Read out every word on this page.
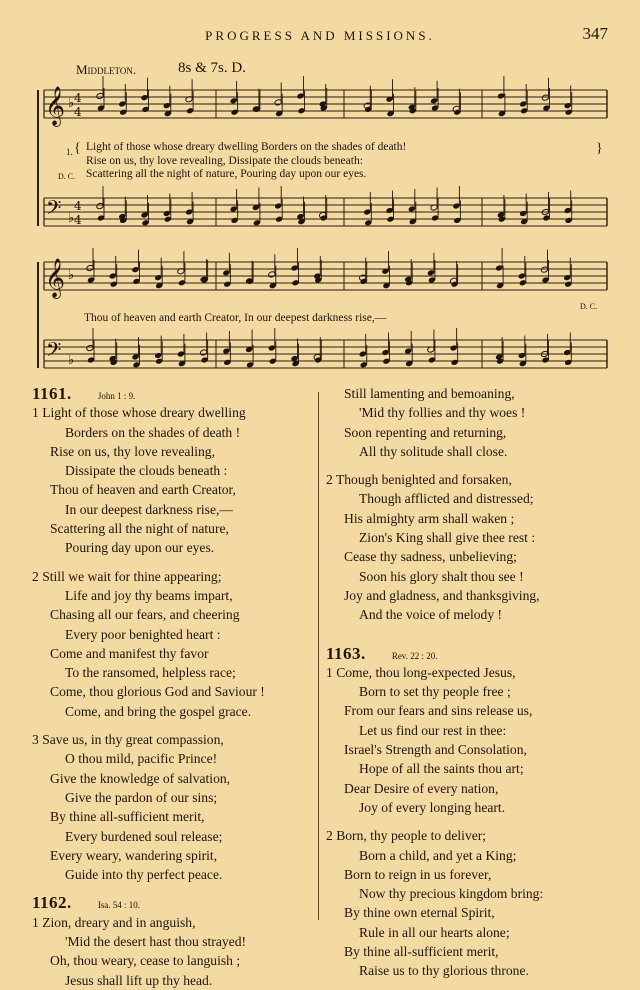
PROGRESS AND MISSIONS.	347
Middleton.	8s & 7s. D.
𝄞
𝄢
♭
♭
4
4
4
4
𝄞
𝄢
♭
♭
{
1. Light of those whose dreary dwelling Borders on the shades of death!
Rise on us, thy love revealing, Dissipate the clouds beneath:
}
D. C. Scattering all the night of nature, Pouring day upon our eyes.
Thou of heaven and earth Creator, In our deepest darkness rise,—
D. C.
1161.	John 1 : 9.
1 Light of those whose dreary dwelling
Borders on the shades of death !
Rise on us, thy love revealing,
Dissipate the clouds beneath :
Thou of heaven and earth Creator,
In our deepest darkness rise,—
Scattering all the night of nature,
Pouring day upon our eyes.
2 Still we wait for thine appearing;
Life and joy thy beams impart,
Chasing all our fears, and cheering
Every poor benighted heart :
Come and manifest thy favor
To the ransomed, helpless race;
Come, thou glorious God and Saviour !
Come, and bring the gospel grace.
3 Save us, in thy great compassion,
O thou mild, pacific Prince!
Give the knowledge of salvation,
Give the pardon of our sins;
By thine all-sufficient merit,
Every burdened soul release;
Every weary, wandering spirit,
Guide into thy perfect peace.
1162.	Isa. 54 : 10.
1 Zion, dreary and in anguish,
'Mid the desert hast thou strayed!
Oh, thou weary, cease to languish ;
Jesus shall lift up thy head.
Still lamenting and bemoaning,
'Mid thy follies and thy woes !
Soon repenting and returning,
All thy solitude shall close.
2 Though benighted and forsaken,
Though afflicted and distressed;
His almighty arm shall waken ;
Zion's King shall give thee rest :
Cease thy sadness, unbelieving;
Soon his glory shalt thou see !
Joy and gladness, and thanksgiving,
And the voice of melody !
1163.	Rev. 22 : 20.
1 Come, thou long-expected Jesus,
Born to set thy people free ;
From our fears and sins release us,
Let us find our rest in thee:
Israel's Strength and Consolation,
Hope of all the saints thou art;
Dear Desire of every nation,
Joy of every longing heart.
2 Born, thy people to deliver;
Born a child, and yet a King;
Born to reign in us forever,
Now thy precious kingdom bring:
By thine own eternal Spirit,
Rule in all our hearts alone;
By thine all-sufficient merit,
Raise us to thy glorious throne.
